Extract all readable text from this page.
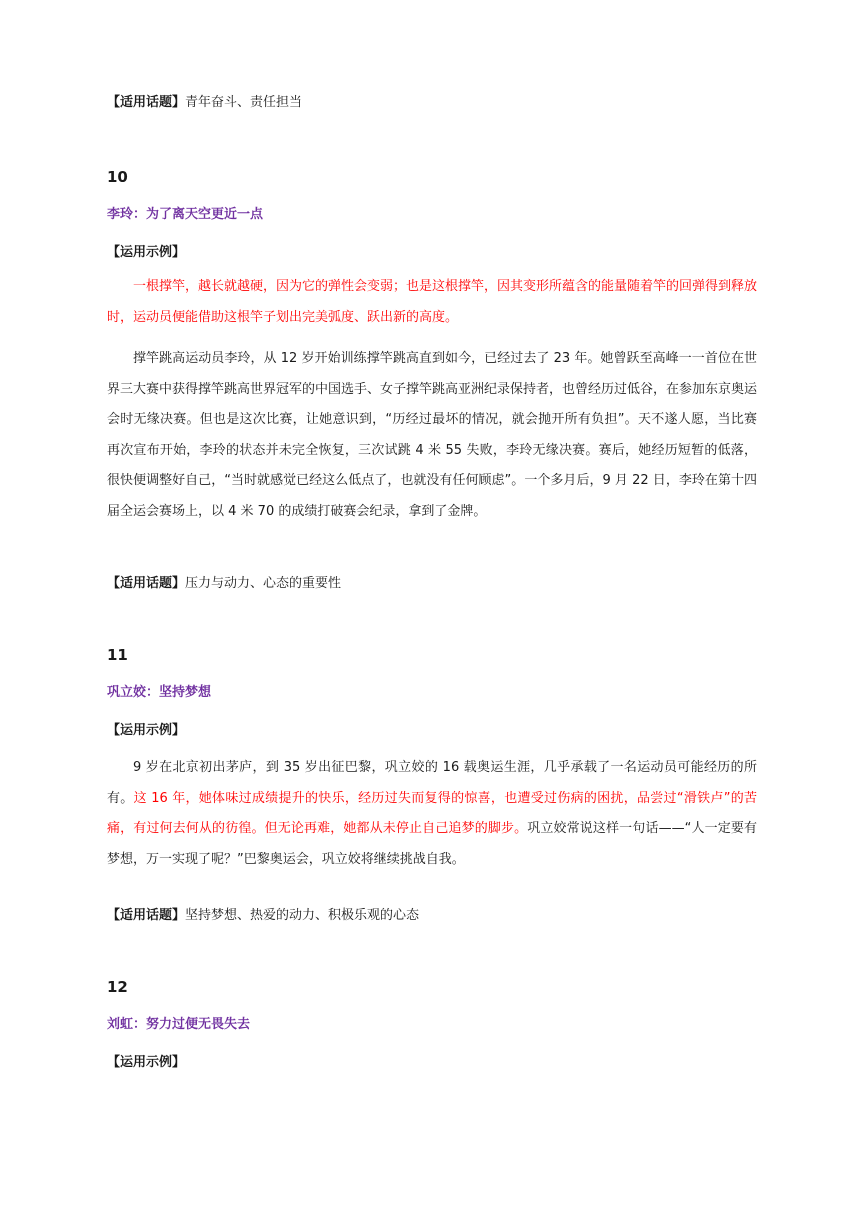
【适用话题】青年奋斗、责任担当
10
李玲：为了离天空更近一点
【运用示例】
一根撑竿，越长就越硬，因为它的弹性会变弱；也是这根撑竿，因其变形所蕴含的能量随着竿的回弹得到释放时，运动员便能借助这根竿子划出完美弧度、跃出新的高度。
撑竿跳高运动员李玲，从 12 岁开始训练撑竿跳高直到如今，已经过去了 23 年。她曾跃至高峰一一首位在世界三大赛中获得撑竿跳高世界冠军的中国选手、女子撑竿跳高亚洲纪录保持者，也曾经历过低谷，在参加东京奥运会时无缘决赛。但也是这次比赛，让她意识到，“历经过最坏的情况，就会抛开所有负担”。天不遂人愿，当比赛再次宣布开始，李玲的状态并未完全恢复，三次试跳 4 米 55 失败，李玲无缘决赛。赛后，她经历短暂的低落，很快便调整好自己，“当时就感觉已经这么低点了，也就没有任何顾虑”。一个多月后，9 月 22 日，李玲在第十四届全运会赛场上，以 4 米 70 的成绩打破赛会纪录，拿到了金牌。
【适用话题】压力与动力、心态的重要性
11
巩立姣：坚持梦想
【运用示例】
9 岁在北京初出茅庐，到 35 岁出征巴黎，巩立姣的 16 载奥运生涯，几乎承载了一名运动员可能经历的所有。这 16 年，她体味过成绩提升的快乐，经历过失而复得的惊喜，也遭受过伤病的困扰，品尝过“滑铁卢”的苦痛，有过何去何从的彷徨。但无论再难，她都从未停止自己追梦的脚步。巩立姣常说这样一句话——“人一定要有梦想，万一实现了呢？”巴黎奥运会，巩立姣将继续挑战自我。
【适用话题】坚持梦想、热爱的动力、积极乐观的心态
12
刘虹：努力过便无畏失去
【运用示例】
